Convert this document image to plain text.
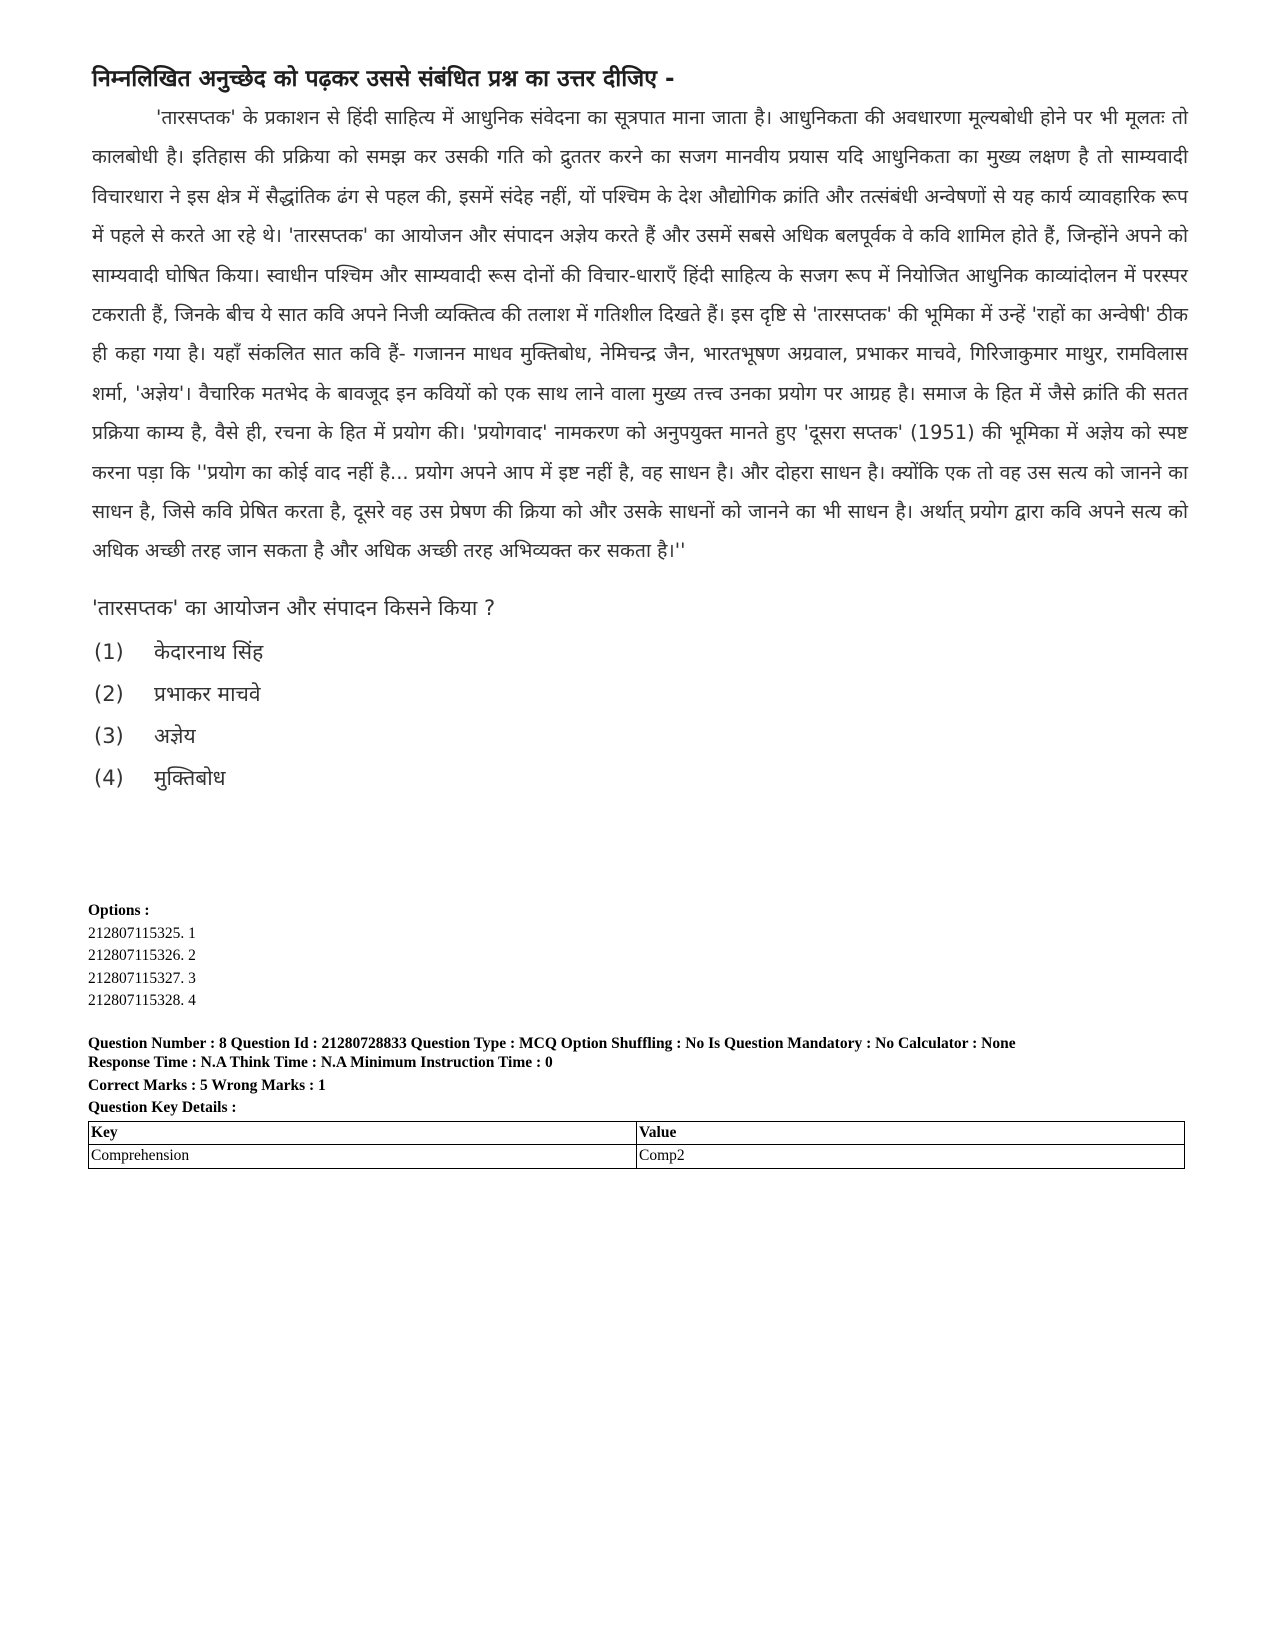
निम्नलिखित अनुच्छेद को पढ़कर उससे संबंधित प्रश्न का उत्तर दीजिए -

'तारसप्तक' के प्रकाशन से हिंदी साहित्य में आधुनिक संवेदना का सूत्रपात माना जाता है। आधुनिकता की अवधारणा मूल्यबोधी होने पर भी मूलतः तो कालबोधी है। इतिहास की प्रक्रिया को समझ कर उसकी गति को द्रुततर करने का सजग मानवीय प्रयास यदि आधुनिकता का मुख्य लक्षण है तो साम्यवादी विचारधारा ने इस क्षेत्र में सैद्धांतिक ढंग से पहल की, इसमें संदेह नहीं, यों पश्चिम के देश औद्योगिक क्रांति और तत्संबंधी अन्वेषणों से यह कार्य व्यावहारिक रूप में पहले से करते आ रहे थे। 'तारसप्तक' का आयोजन और संपादन अज्ञेय करते हैं और उसमें सबसे अधिक बलपूर्वक वे कवि शामिल होते हैं, जिन्होंने अपने को साम्यवादी घोषित किया। स्वाधीन पश्चिम और साम्यवादी रूस दोनों की विचार-धाराएँ हिंदी साहित्य के सजग रूप में नियोजित आधुनिक काव्यांदोलन में परस्पर टकराती हैं, जिनके बीच ये सात कवि अपने निजी व्यक्तित्व की तलाश में गतिशील दिखते हैं। इस दृष्टि से 'तारसप्तक' की भूमिका में उन्हें 'राहों का अन्वेषी' ठीक ही कहा गया है। यहाँ संकलित सात कवि हैं- गजानन माधव मुक्तिबोध, नेमिचन्द्र जैन, भारतभूषण अग्रवाल, प्रभाकर माचवे, गिरिजाकुमार माथुर, रामविलास शर्मा, 'अज्ञेय'। वैचारिक मतभेद के बावजूद इन कवियों को एक साथ लाने वाला मुख्य तत्त्व उनका प्रयोग पर आग्रह है। समाज के हित में जैसे क्रांति की सतत प्रक्रिया काम्य है, वैसे ही, रचना के हित में प्रयोग की। 'प्रयोगवाद' नामकरण को अनुपयुक्त मानते हुए 'दूसरा सप्तक' (1951) की भूमिका में अज्ञेय को स्पष्ट करना पड़ा कि ''प्रयोग का कोई वाद नहीं है... प्रयोग अपने आप में इष्ट नहीं है, वह साधन है। और दोहरा साधन है। क्योंकि एक तो वह उस सत्य को जानने का साधन है, जिसे कवि प्रेषित करता है, दूसरे वह उस प्रेषण की क्रिया को और उसके साधनों को जानने का भी साधन है। अर्थात् प्रयोग द्वारा कवि अपने सत्य को अधिक अच्छी तरह जान सकता है और अधिक अच्छी तरह अभिव्यक्त कर सकता है।''

'तारसप्तक' का आयोजन और संपादन किसने किया ?
(1)	केदारनाथ सिंह
(2)	प्रभाकर माचवे
(3)	अज्ञेय
(4)	मुक्तिबोध
Options :
212807115325. 1
212807115326. 2
212807115327. 3
212807115328. 4
Question Number : 8 Question Id : 21280728833 Question Type : MCQ Option Shuffling : No Is Question Mandatory : No Calculator : None
Response Time : N.A Think Time : N.A Minimum Instruction Time : 0
Correct Marks : 5 Wrong Marks : 1
Question Key Details :
Key	Value
Comprehension	Comp2
